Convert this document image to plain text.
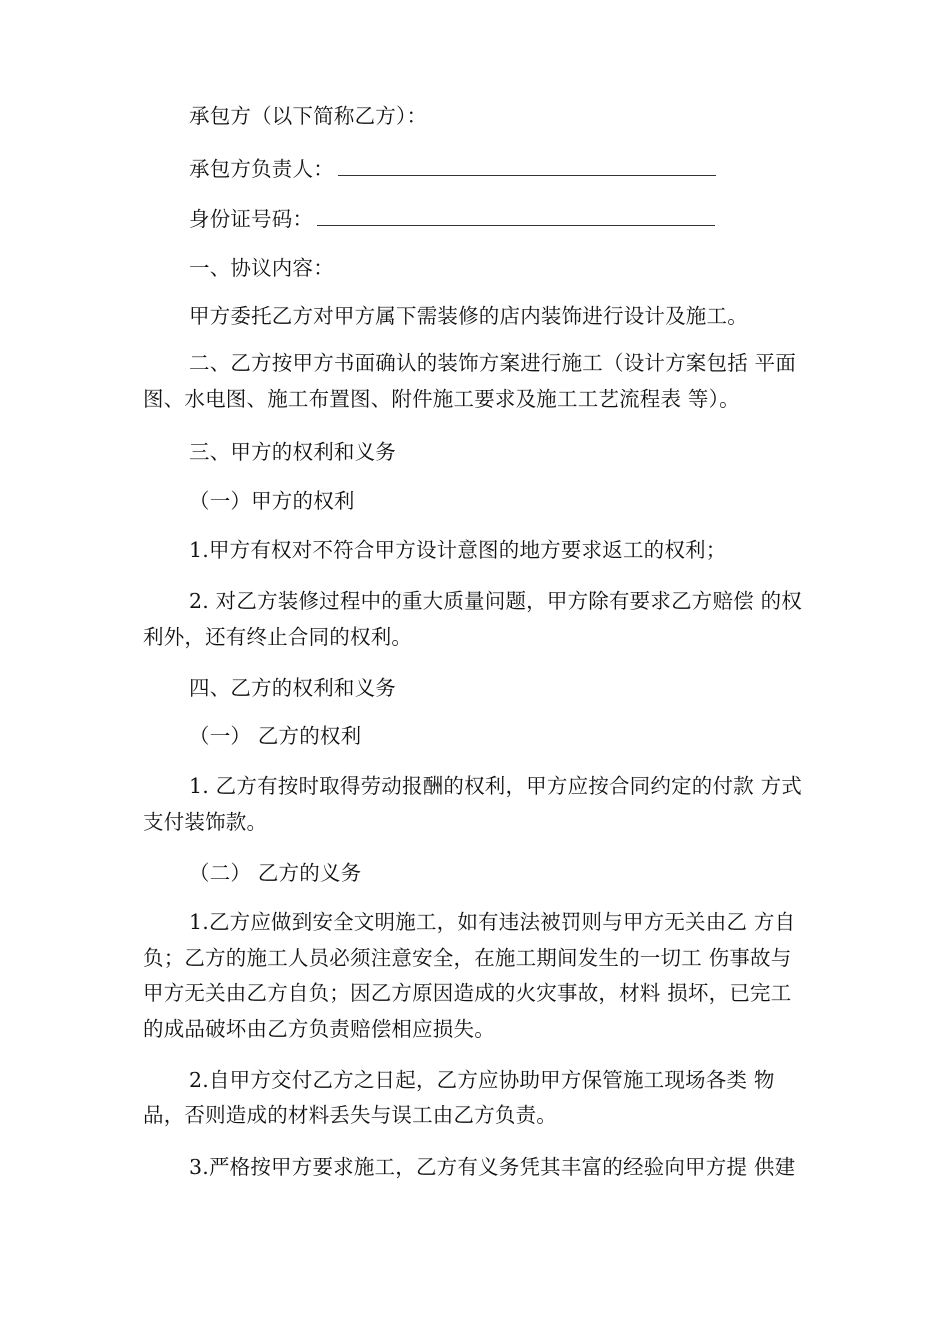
承包方（以下简称乙方）：
承包方负责人：
身份证号码：
一、协议内容：
甲方委托乙方对甲方属下需装修的店内装饰进行设计及施工。
二、乙方按甲方书面确认的装饰方案进行施工（设计方案包括 平面
图、水电图、施工布置图、附件施工要求及施工工艺流程表 等）。
三、甲方的权利和义务
（一）甲方的权利
1.甲方有权对不符合甲方设计意图的地方要求返工的权利；
2. 对乙方装修过程中的重大质量问题，甲方除有要求乙方赔偿 的权
利外，还有终止合同的权利。
四、乙方的权利和义务
（一） 乙方的权利
1. 乙方有按时取得劳动报酬的权利，甲方应按合同约定的付款 方式
支付装饰款。
（二） 乙方的义务
1.乙方应做到安全文明施工，如有违法被罚则与甲方无关由乙 方自
负；乙方的施工人员必须注意安全，在施工期间发生的一切工 伤事故与
甲方无关由乙方自负；因乙方原因造成的火灾事故，材料 损坏，已完工
的成品破坏由乙方负责赔偿相应损失。
2.自甲方交付乙方之日起，乙方应协助甲方保管施工现场各类 物
品，否则造成的材料丢失与误工由乙方负责。
3.严格按甲方要求施工，乙方有义务凭其丰富的经验向甲方提 供建
